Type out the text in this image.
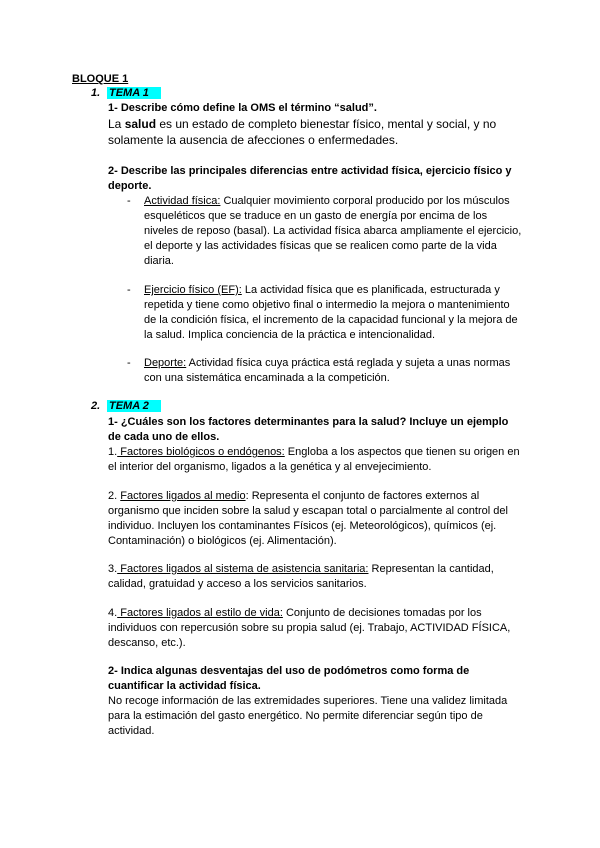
BLOQUE 1
1. TEMA 1
1- Describe cómo define la OMS el término “salud”.
La salud es un estado de completo bienestar físico, mental y social, y no
solamente la ausencia de afecciones o enfermedades.
2- Describe las principales diferencias entre actividad física, ejercicio físico y
deporte.
- Actividad física: Cualquier movimiento corporal producido por los músculos
esqueléticos que se traduce en un gasto de energía por encima de los
niveles de reposo (basal). La actividad física abarca ampliamente el ejercicio,
el deporte y las actividades físicas que se realicen como parte de la vida
diaria.
- Ejercicio físico (EF): La actividad física que es planificada, estructurada y
repetida y tiene como objetivo final o intermedio la mejora o mantenimiento
de la condición física, el incremento de la capacidad funcional y la mejora de
la salud. Implica conciencia de la práctica e intencionalidad.
- Deporte: Actividad física cuya práctica está reglada y sujeta a unas normas
con una sistemática encaminada a la competición.
2. TEMA 2
1- ¿Cuáles son los factores determinantes para la salud? Incluye un ejemplo
de cada uno de ellos.
1. Factores biológicos o endógenos: Engloba a los aspectos que tienen su origen en
el interior del organismo, ligados a la genética y al envejecimiento.
2. Factores ligados al medio: Representa el conjunto de factores externos al
organismo que inciden sobre la salud y escapan total o parcialmente al control del
individuo. Incluyen los contaminantes Físicos (ej. Meteorológicos), químicos (ej.
Contaminación) o biológicos (ej. Alimentación).
3. Factores ligados al sistema de asistencia sanitaria: Representan la cantidad,
calidad, gratuidad y acceso a los servicios sanitarios.
4. Factores ligados al estilo de vida: Conjunto de decisiones tomadas por los
individuos con repercusión sobre su propia salud (ej. Trabajo, ACTIVIDAD FÍSICA,
descanso, etc.).
2- Indica algunas desventajas del uso de podómetros como forma de
cuantificar la actividad física.
No recoge información de las extremidades superiores. Tiene una validez limitada
para la estimación del gasto energético. No permite diferenciar según tipo de
actividad.
